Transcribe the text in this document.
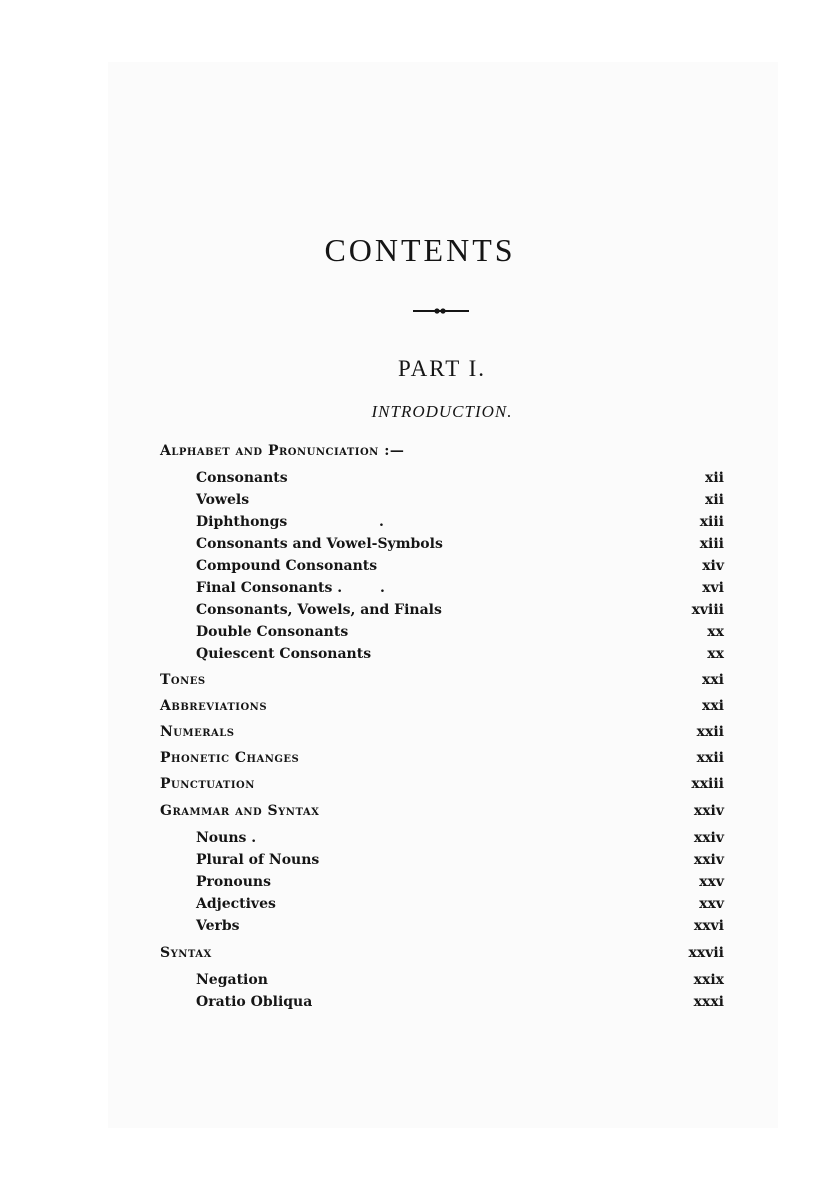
CONTENTS
PART I.
INTRODUCTION.
Alphabet and Pronunciation :—
Consonants	xii
Vowels	xii
Diphthongs	.	xiii
Consonants and Vowel-Symbols	xiii
Compound Consonants	xiv
Final Consonants .	.	xvi
Consonants, Vowels, and Finals	xviii
Double Consonants	xx
Quiescent Consonants	xx
Tones	xxi
Abbreviations	xxi
Numerals	xxii
Phonetic Changes	xxii
Punctuation	xxiii
Grammar and Syntax	xxiv
Nouns .	xxiv
Plural of Nouns	xxiv
Pronouns	xxv
Adjectives	xxv
Verbs	xxvi
Syntax	xxvii
Negation	xxix
Oratio Obliqua	xxxi
